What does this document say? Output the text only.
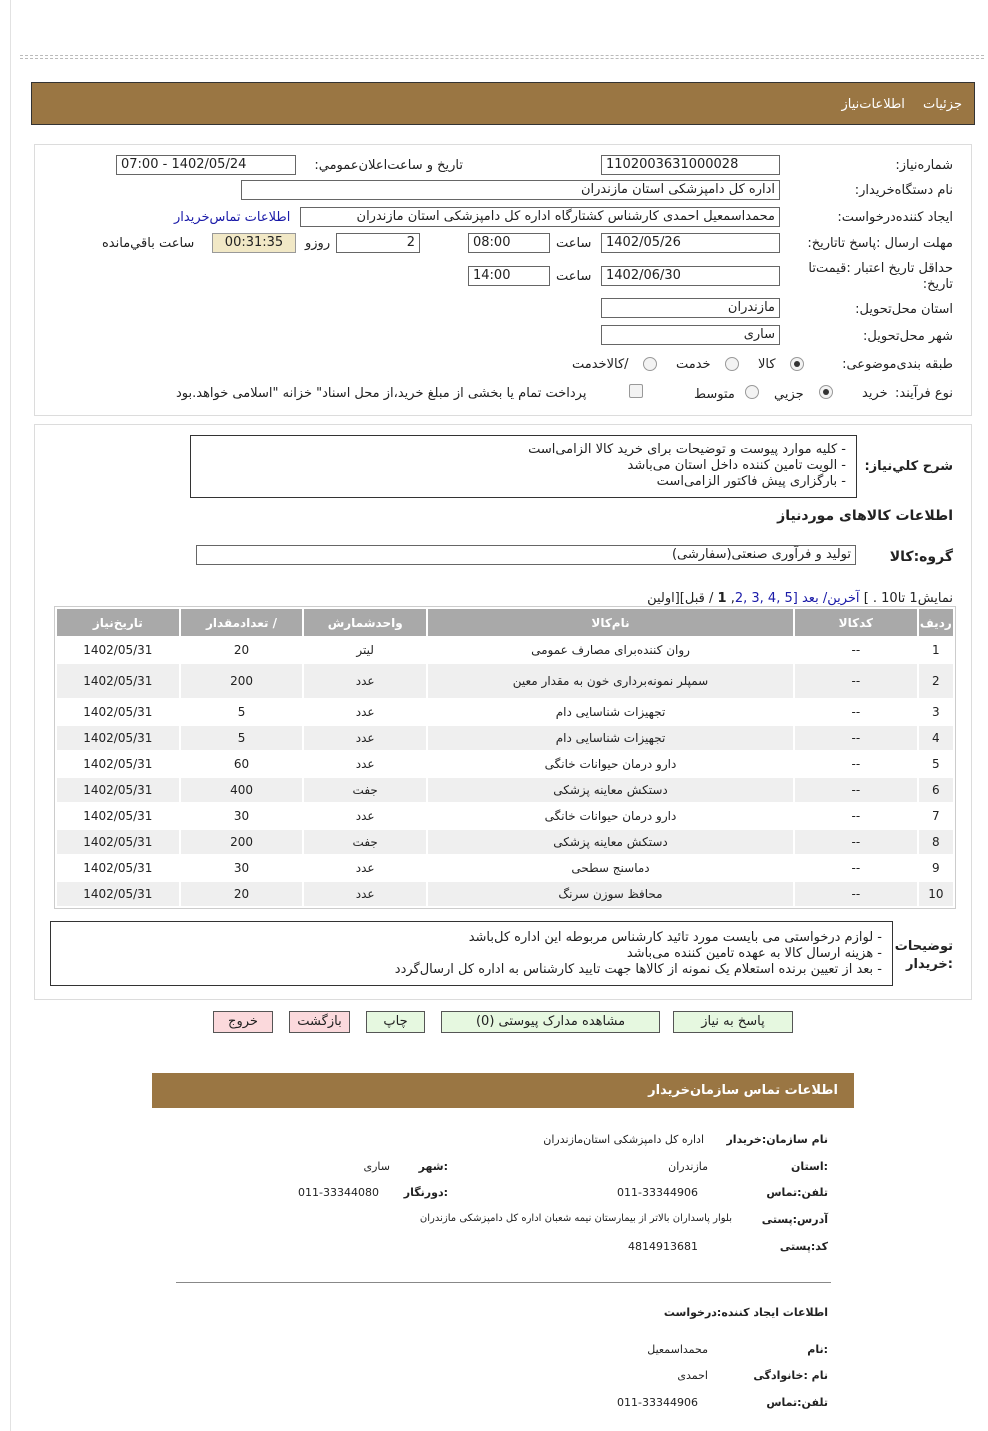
جزئیات اطلاعات‌نیاز
شماره‌نیاز:
1102003631000028
تاریخ و ساعت‌اعلان‌عمومي:
1402/05/24 - 07:00
نام دستگاه‌خریدار:
اداره کل دامپزشکی استان مازندران
ایجاد کننده‌درخواست:
محمداسمعیل احمدی کارشناس کشتارگاه اداره کل دامپزشکی استان مازندران
اطلاعات تماس‌خریدار
مهلت ارسال :پاسخ تا‌تاریخ:
1402/05/26
ساعت
08:00
2
روزو
00:31:35
ساعت باقي‌مانده
حداقل تاریخ اعتبار :قیمت‌تا تاریخ:
1402/06/30
ساعت
14:00
استان محل‌تحویل:
مازندران
شهر محل‌تحویل:
ساری
طبقه بندی‌موضوعی:
کالا
خدمت
/کالاخدمت
نوع فرآیند:
خرید
جزيي
متوسط
پرداخت تمام یا بخشی از مبلغ خرید،از محل اسناد" خزانه "اسلامی خواهد.بود
شرح کلي‌نیاز:
- کلیه موارد پیوست و توضیحات برای خرید کالا الزامی‌است
- الویت تامین کننده داخل استان می‌باشد
- بارگزاری پیش فاکتور الزامی‌است
اطلاعات کالاهای موردنیاز
گروه:کالا
تولید و فرآوری صنعتی(سفارشی)
نمایش1 تا10 . ] آخرین/ بعد [5 ,4 ,3 ,2, 1 / قبل][اولین
ردیف	کدکالا	نام‌کالا	واحدشمارش	/ تعدادمقدار	تاریخ‌نیاز
1	--	روان کننده‌برای مصارف عمومی	لیتر	20	1402/05/31
2	--	سمپلر نمونه‌برداری خون به مقدار معین	عدد	200	1402/05/31
3	--	تجهیزات شناسایی دام	عدد	5	1402/05/31
4	--	تجهیزات شناسایی دام	عدد	5	1402/05/31
5	--	دارو درمان حیوانات خانگی	عدد	60	1402/05/31
6	--	دستکش معاینه پزشکی	جفت	400	1402/05/31
7	--	دارو درمان حیوانات خانگی	عدد	30	1402/05/31
8	--	دستکش معاینه پزشکی	جفت	200	1402/05/31
9	--	دماسنج سطحی	عدد	30	1402/05/31
10	--	محافظ سوزن سرنگ	عدد	20	1402/05/31
توضیحات :خریدار
- لوازم درخواستی می بایست مورد تائید کارشناس مربوطه این اداره کل‌باشد
- هزینه ارسال کالا به عهده تامین کننده می‌باشد
- بعد از تعیین برنده استعلام یک نمونه از کالاها جهت تایید کارشناس به اداره کل ارسال‌گردد
پاسخ به نیاز
مشاهده مدارک پیوستی (0)
چاپ
بازگشت
خروج
اطلاعات تماس سازمان‌خریدار
نام سازمان:خریدار
اداره کل دامپزشکی استان‌مازندران
:استان
مازندران
:شهر
ساری
تلفن:تماس
011-33344906
:دورنگار
011-33344080
آدرس:پستی
بلوار پاسداران بالاتر از بیمارستان نیمه شعبان اداره کل دامپزشکی مازندران
کد:پستی
4814913681
اطلاعات ایجاد کننده:درخواست
:نام
محمداسمعیل
نام :خانوادگی
احمدی
تلفن:تماس
011-33344906
